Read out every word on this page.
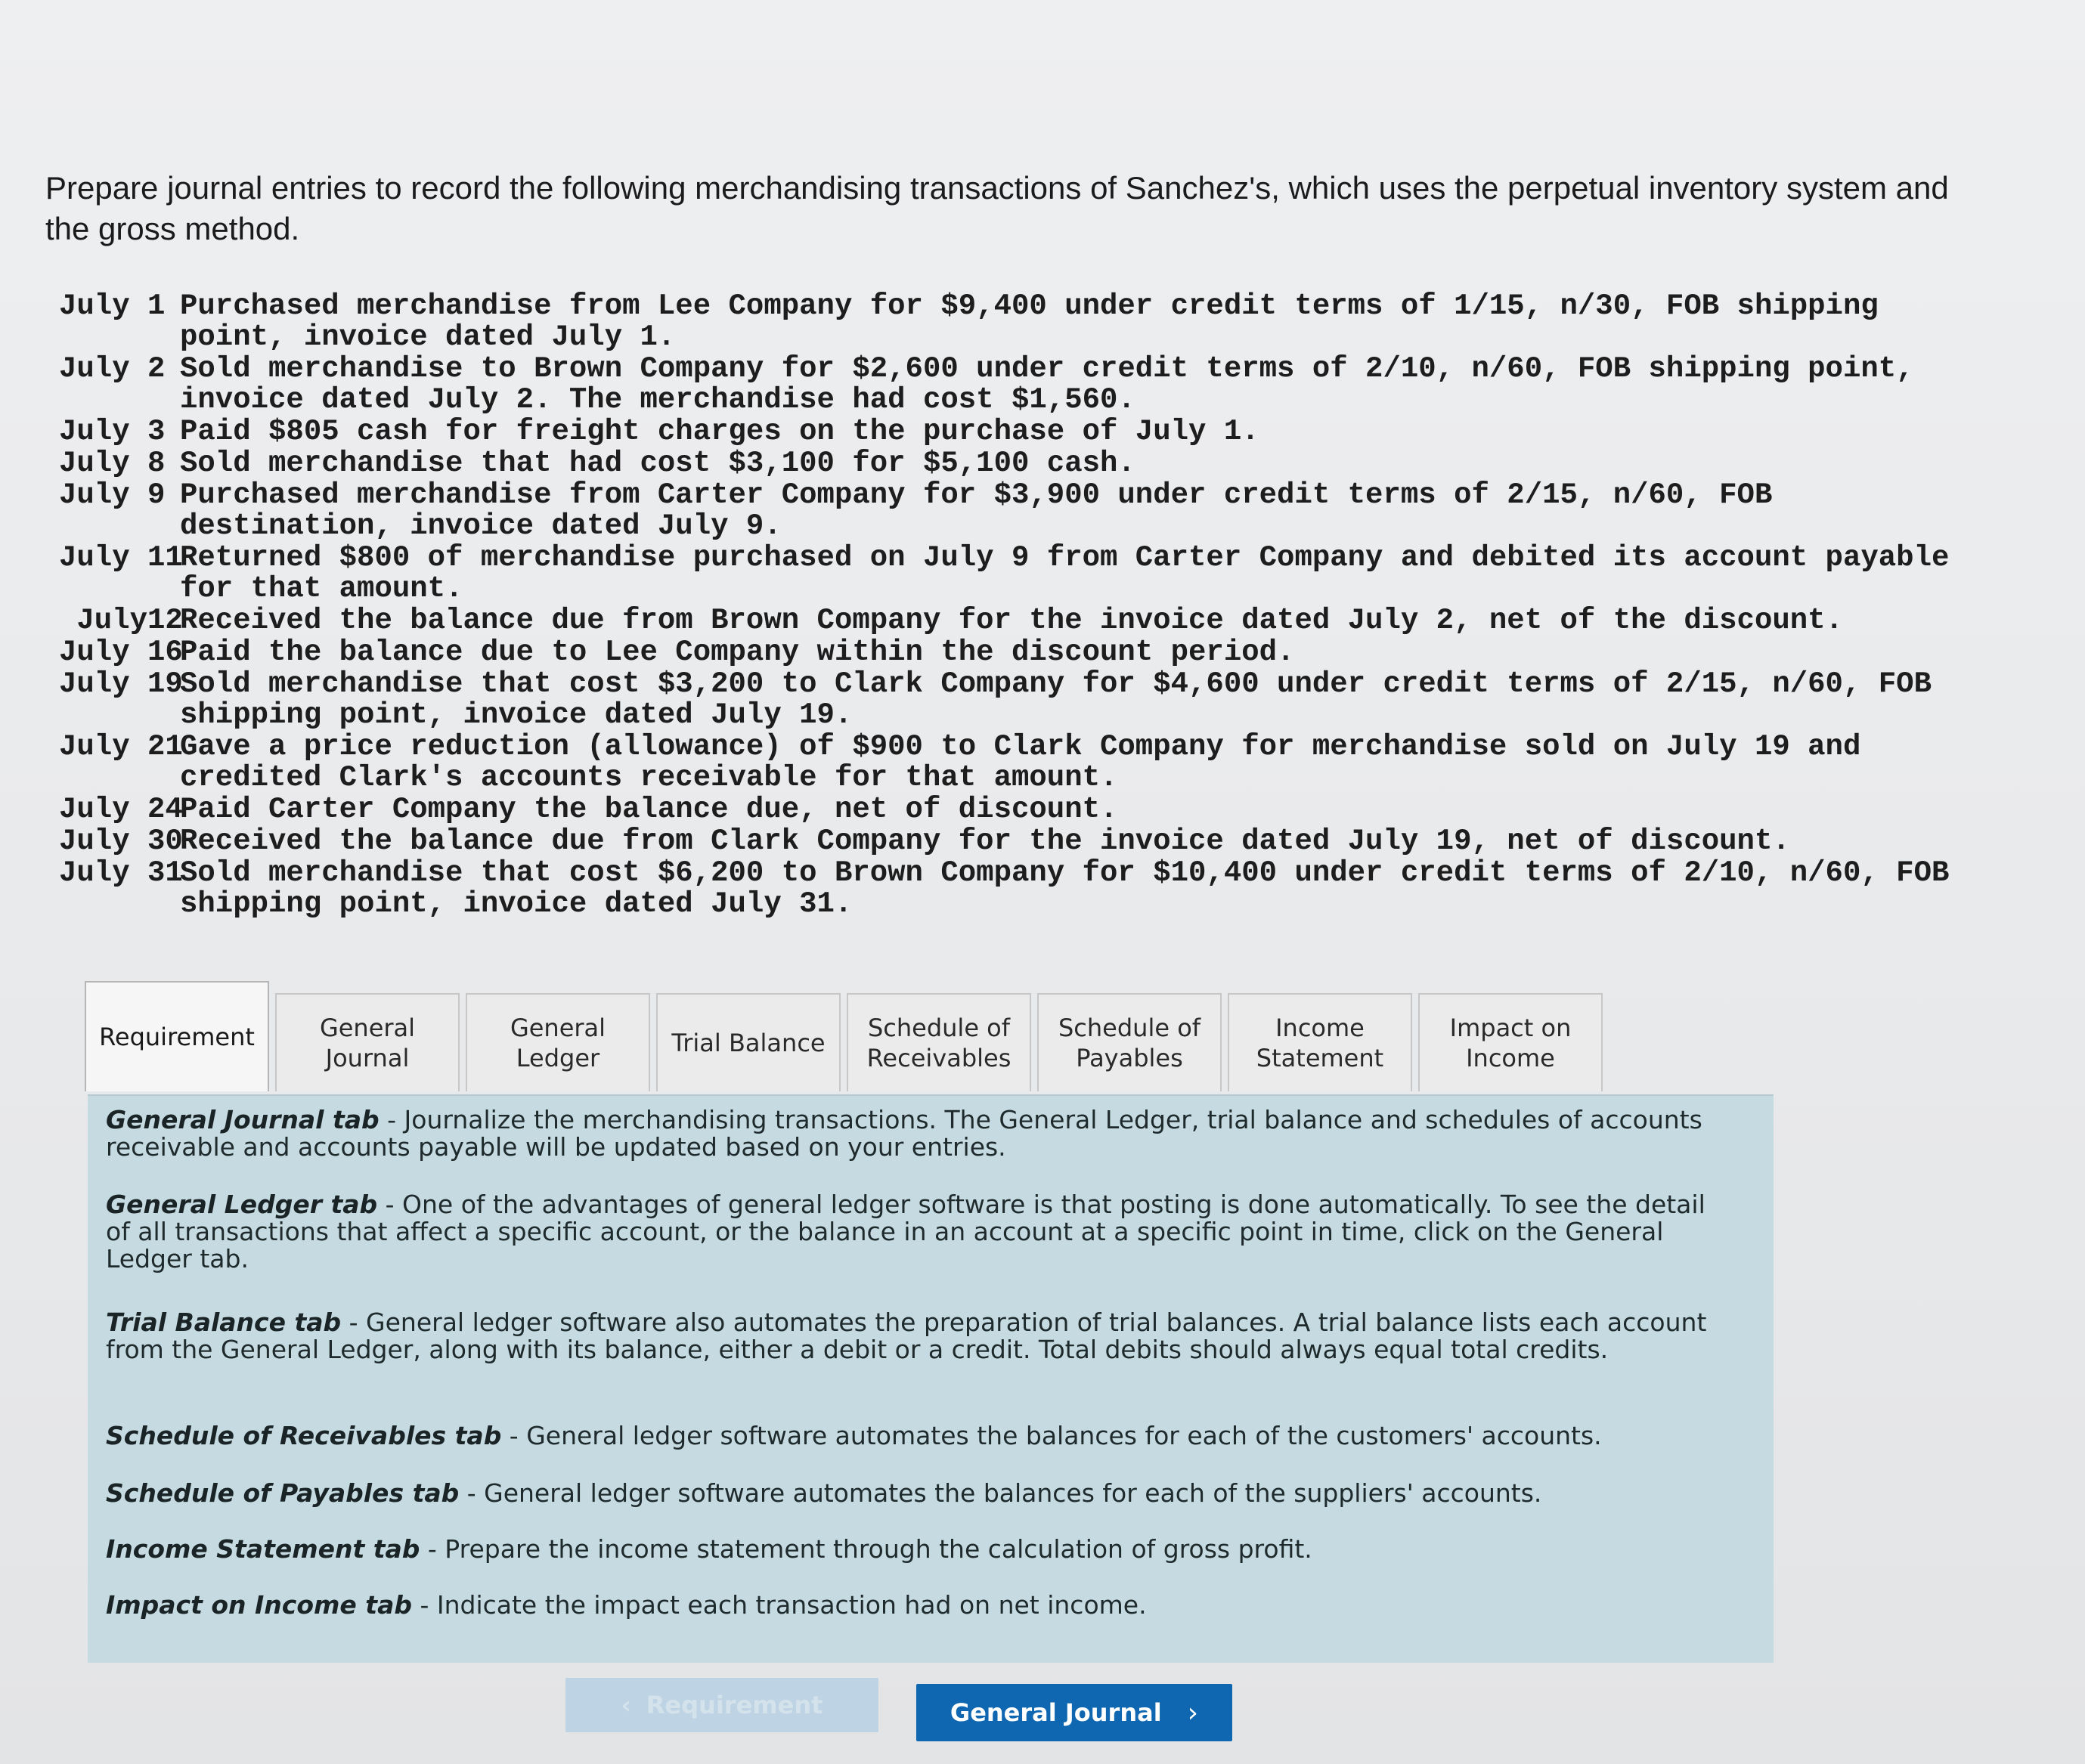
Prepare journal entries to record the following merchandising transactions of Sanchez's, which uses the perpetual inventory system and the gross method.

July 1
Purchased merchandise from Lee Company for $9,400 under credit terms of 1/15, n/30, FOB shipping point, invoice dated July 1.
July 2
Sold merchandise to Brown Company for $2,600 under credit terms of 2/10, n/60, FOB shipping point, invoice dated July 2. The merchandise had cost $1,560.
July 3
Paid $805 cash for freight charges on the purchase of July 1.
July 8
Sold merchandise that had cost $3,100 for $5,100 cash.
July 9
Purchased merchandise from Carter Company for $3,900 under credit terms of 2/15, n/60, FOB destination, invoice dated July 9.
July 11
Returned $800 of merchandise purchased on July 9 from Carter Company and debited its account payable for that amount.
July12
Received the balance due from Brown Company for the invoice dated July 2, net of the discount.
July 16
Paid the balance due to Lee Company within the discount period.
July 19
Sold merchandise that cost $3,200 to Clark Company for $4,600 under credit terms of 2/15, n/60, FOB shipping point, invoice dated July 19.
July 21
Gave a price reduction (allowance) of $900 to Clark Company for merchandise sold on July 19 and credited Clark's accounts receivable for that amount.
July 24
Paid Carter Company the balance due, net of discount.
July 30
Received the balance due from Clark Company for the invoice dated July 19, net of discount.
July 31
Sold merchandise that cost $6,200 to Brown Company for $10,400 under credit terms of 2/10, n/60, FOB shipping point, invoice dated July 31.
Requirement	General
Journal
General
Ledger
Trial Balance
Schedule of
Receivables
Schedule of
Payables
Income
Statement
Impact on
Income

General Journal tab - Journalize the merchandising transactions. The General Ledger, trial balance and schedules of accounts receivable and accounts payable will be updated based on your entries.

General Ledger tab - One of the advantages of general ledger software is that posting is done automatically. To see the detail of all transactions that affect a specific account, or the balance in an account at a specific point in time, click on the General Ledger tab.

Trial Balance tab - General ledger software also automates the preparation of trial balances. A trial balance lists each account from the General Ledger, along with its balance, either a debit or a credit. Total debits should always equal total credits.

Schedule of Receivables tab - General ledger software automates the balances for each of the customers' accounts.

Schedule of Payables tab - General ledger software automates the balances for each of the suppliers' accounts.

Income Statement tab - Prepare the income statement through the calculation of gross profit.

Impact on Income tab - Indicate the impact each transaction had on net income.

‹ Requirement	General Journal ›
